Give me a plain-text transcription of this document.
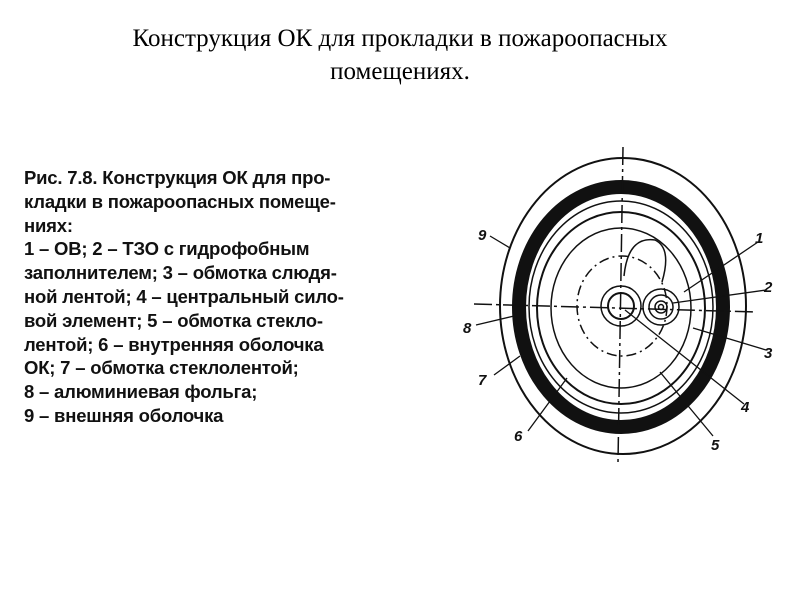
Конструкция ОК для прокладки в пожароопасных
помещениях.
Рис. 7.8. Конструкция ОК для про-
кладки в пожароопасных помеще-
ниях:
1 – ОВ; 2 – ТЗО с гидрофобным
заполнителем; 3 – обмотка слюдя-
ной лентой; 4 – центральный сило-
вой элемент; 5 – обмотка стекло-
лентой; 6 – внутренняя оболочка
ОК; 7 – обмотка стеклолентой;
8 – алюминиевая фольга;
9 – внешняя оболочка
1
2
3
4
5
6
7
8
9
